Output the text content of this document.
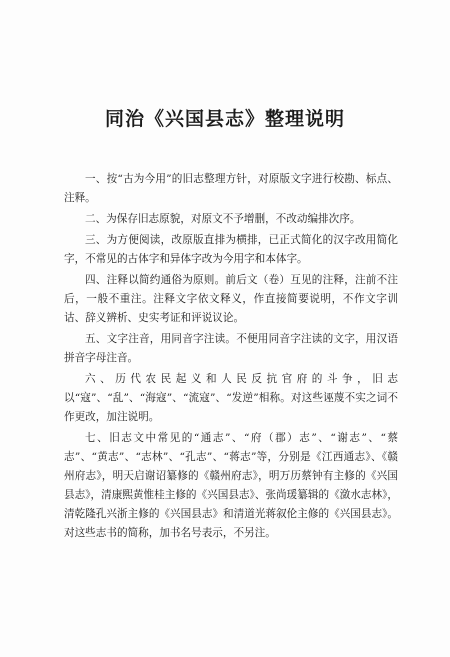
同治《兴国县志》整理说明

一、按“古为今用”的旧志整理方针，对原版文字进行校勘、标点、注释。

二、为保存旧志原貌，对原文不予增删，不改动编排次序。

三、为方便阅读，改原版直排为横排，已正式简化的汉字改用简化字，不常见的古体字和异体字改为今用字和本体字。

四、注释以简约通俗为原则。前后文（卷）互见的注释，注前不注后，一般不重注。注释文字依文释义，作直接简要说明，不作文字训诂、辞义辨析、史实考证和评说议论。

五、文字注音，用同音字注读。不便用同音字注读的文字，用汉语拼音字母注音。

六、历代农民起义和人民反抗官府的斗争，旧志以“寇”、“乱”、“海寇”、“流寇”、“发逆”相称。对这些诬蔑不实之词不作更改，加注说明。

七、旧志文中常见的“通志”、“府（郡）志”、“谢志”、“蔡志”、“黄志”、“志林”、“孔志”、“蒋志”等，分别是《江西通志》、《赣州府志》，明天启谢诏纂修的《赣州府志》，明万历蔡钟有主修的《兴国县志》，清康熙黄惟桂主修的《兴国县志》、张尚瑗纂辑的《潋水志林》，清乾隆孔兴浙主修的《兴国县志》和清道光蒋叙伦主修的《兴国县志》。对这些志书的简称，加书名号表示，不另注。
